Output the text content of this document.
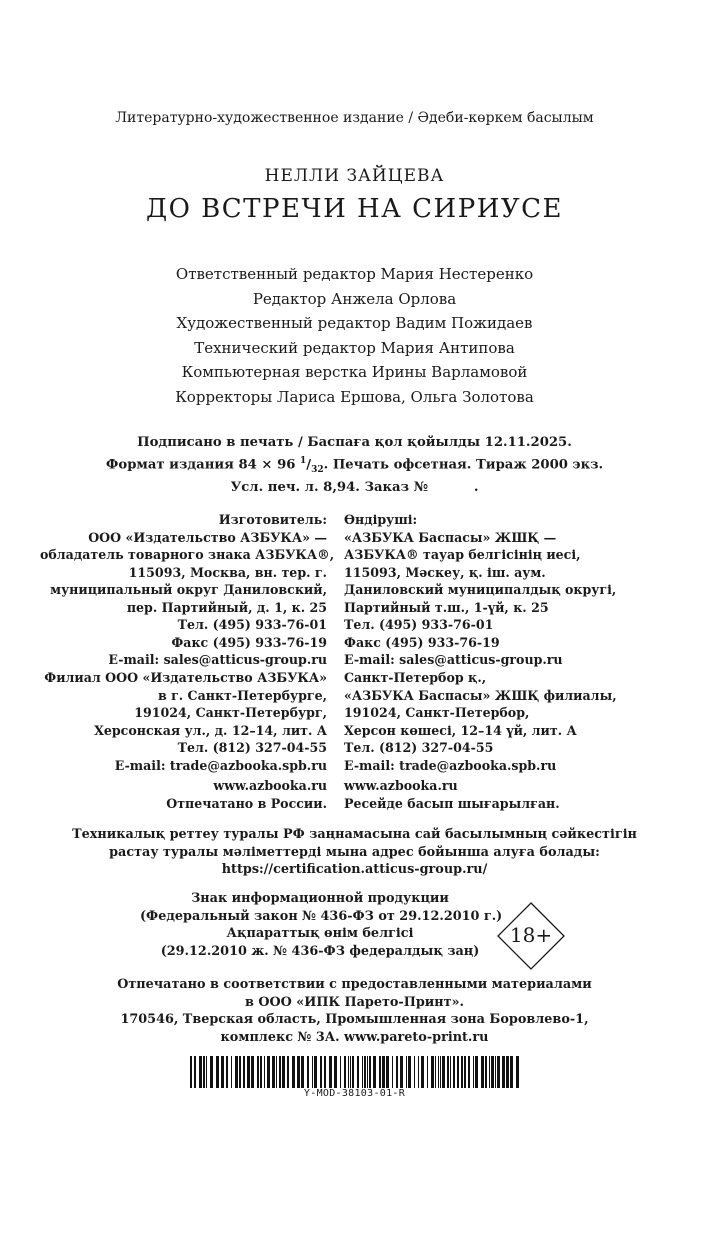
Литературно-художественное издание / Әдеби-көркем басылым
НЕЛЛИ ЗАЙЦЕВА
ДО ВСТРЕЧИ НА СИРИУСЕ
Ответственный редактор Мария Нестеренко
Редактор Анжела Орлова
Художественный редактор Вадим Пожидаев
Технический редактор Мария Антипова
Компьютерная верстка Ирины Варламовой
Корректоры Лариса Ершова, Ольга Золотова
Подписано в печать / Баспаға қол қойылды 12.11.2025.
Формат издания 84 × 96 $^1/_{32}$. Печать офсетная. Тираж 2000 экз.
Усл. печ. л. 8,94. Заказ №          .
Изготовитель:
ООО «Издательство АЗБУКА» —
обладатель товарного знака АЗБУКА®,
115093, Москва, вн. тер. г.
муниципальный округ Даниловский,
пер. Партийный, д. 1, к. 25
Тел. (495) 933-76-01
Факс (495) 933-76-19
E-mail: sales@atticus-group.ru
Өндіруші:
«АЗБУКА Баспасы» ЖШҚ —
АЗБУКА® тауар белгісінің иесі,
115093, Мәскеу, қ. іш. аум.
Даниловский муниципалдық округі,
Партийный т.ш., 1-үй, к. 25
Тел. (495) 933-76-01
Факс (495) 933-76-19
E-mail: sales@atticus-group.ru
Филиал ООО «Издательство АЗБУКА»
в г. Санкт-Петербурге,
191024, Санкт-Петербург,
Херсонская ул., д. 12–14, лит. А
Тел. (812) 327-04-55
E-mail: trade@azbooka.spb.ru
Санкт-Петербор қ.,
«АЗБУКА Баспасы» ЖШҚ филиалы,
191024, Санкт-Петербор,
Херсон көшесі, 12–14 үй, лит. А
Тел. (812) 327-04-55
E-mail: trade@azbooka.spb.ru
www.azbooka.ru
Отпечатано в России.
www.azbooka.ru
Ресейде басып шығарылған.
Техникалық реттеу туралы РФ заңнамасына сай басылымның сәйкестігін
растау туралы мәліметтерді мына адрес бойынша алуға болады:
https://certification.atticus-group.ru/
Знак информационной продукции
(Федеральный закон № 436-ФЗ от 29.12.2010 г.)
Ақпараттық өнім белгісі
(29.12.2010 ж. № 436-ФЗ федералдық заң)
18+
Отпечатано в соответствии с предоставленными материалами
в ООО «ИПК Парето-Принт».
170546, Тверская область, Промышленная зона Боровлево-1,
комплекс № 3А. www.pareto-print.ru
Y-MOD-38103-01-R
